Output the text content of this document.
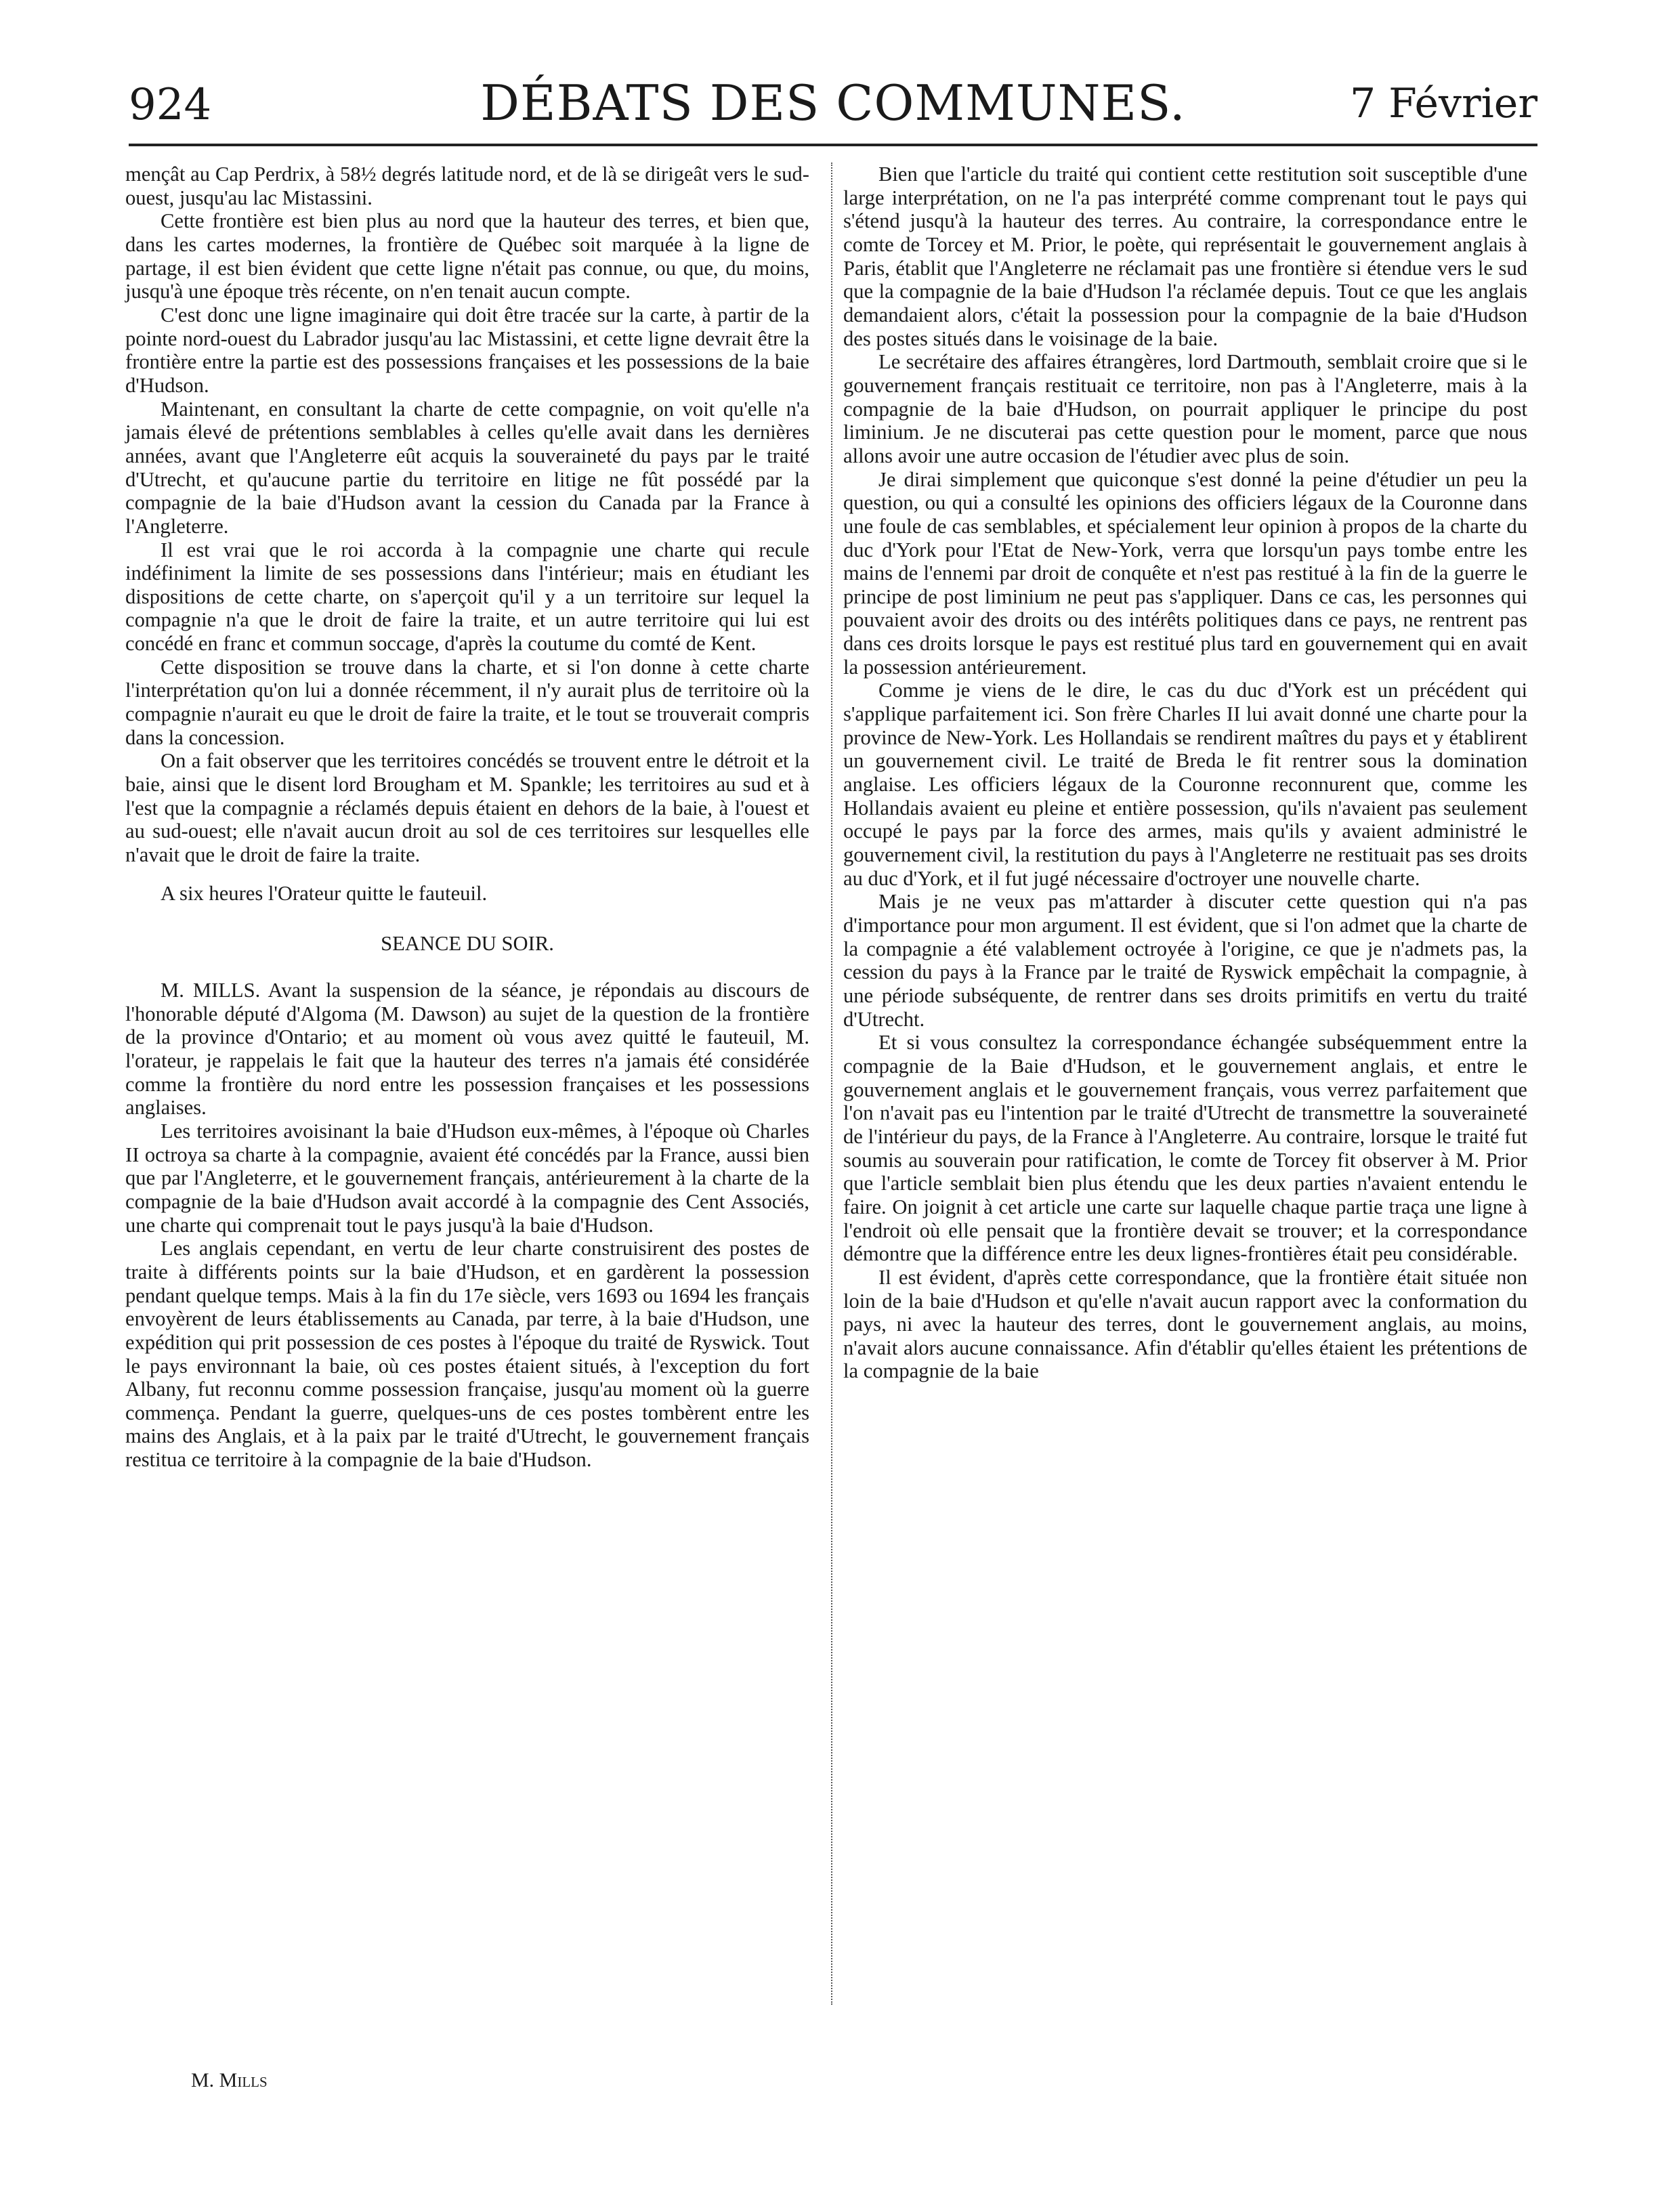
924	DÉBATS DES COMMUNES.	7 Février

mençât au Cap Perdrix, à 58½ degrés latitude nord, et de là se dirigeât vers le sud-ouest, jusqu'au lac Mistassini.

Cette frontière est bien plus au nord que la hauteur des terres, et bien que, dans les cartes modernes, la frontière de Québec soit marquée à la ligne de partage, il est bien évident que cette ligne n'était pas connue, ou que, du moins, jusqu'à une époque très récente, on n'en tenait aucun compte.

C'est donc une ligne imaginaire qui doit être tracée sur la carte, à partir de la pointe nord-ouest du Labrador jusqu'au lac Mistassini, et cette ligne devrait être la frontière entre la partie est des possessions françaises et les possessions de la baie d'Hudson.

Maintenant, en consultant la charte de cette compagnie, on voit qu'elle n'a jamais élevé de prétentions semblables à celles qu'elle avait dans les dernières années, avant que l'Angleterre eût acquis la souveraineté du pays par le traité d'Utrecht, et qu'aucune partie du territoire en litige ne fût possédé par la compagnie de la baie d'Hudson avant la cession du Canada par la France à l'Angleterre.

Il est vrai que le roi accorda à la compagnie une charte qui recule indéfiniment la limite de ses possessions dans l'intérieur; mais en étudiant les dispositions de cette charte, on s'aperçoit qu'il y a un territoire sur lequel la compagnie n'a que le droit de faire la traite, et un autre territoire qui lui est concédé en franc et commun soccage, d'après la coutume du comté de Kent.

Cette disposition se trouve dans la charte, et si l'on donne à cette charte l'interprétation qu'on lui a donnée récemment, il n'y aurait plus de territoire où la compagnie n'aurait eu que le droit de faire la traite, et le tout se trouverait compris dans la concession.

On a fait observer que les territoires concédés se trouvent entre le détroit et la baie, ainsi que le disent lord Brougham et M. Spankle; les territoires au sud et à l'est que la compagnie a réclamés depuis étaient en dehors de la baie, à l'ouest et au sud-ouest; elle n'avait aucun droit au sol de ces territoires sur lesquelles elle n'avait que le droit de faire la traite.

A six heures l'Orateur quitte le fauteuil.

SEANCE DU SOIR.

M. MILLS. Avant la suspension de la séance, je répondais au discours de l'honorable député d'Algoma (M. Dawson) au sujet de la question de la frontière de la province d'Ontario; et au moment où vous avez quitté le fauteuil, M. l'orateur, je rappelais le fait que la hauteur des terres n'a jamais été considérée comme la frontière du nord entre les possession françaises et les possessions anglaises.

Les territoires avoisinant la baie d'Hudson eux-mêmes, à l'époque où Charles II octroya sa charte à la compagnie, avaient été concédés par la France, aussi bien que par l'Angleterre, et le gouvernement français, antérieurement à la charte de la compagnie de la baie d'Hudson avait accordé à la compagnie des Cent Associés, une charte qui comprenait tout le pays jusqu'à la baie d'Hudson.

Les anglais cependant, en vertu de leur charte construisirent des postes de traite à différents points sur la baie d'Hudson, et en gardèrent la possession pendant quelque temps. Mais à la fin du 17e siècle, vers 1693 ou 1694 les français envoyèrent de leurs établissements au Canada, par terre, à la baie d'Hudson, une expédition qui prit possession de ces postes à l'époque du traité de Ryswick. Tout le pays environnant la baie, où ces postes étaient situés, à l'exception du fort Albany, fut reconnu comme possession française, jusqu'au moment où la guerre commença. Pendant la guerre, quelques-uns de ces postes tombèrent entre les mains des Anglais, et à la paix par le traité d'Utrecht, le gouvernement français restitua ce territoire à la compagnie de la baie d'Hudson.

Bien que l'article du traité qui contient cette restitution soit susceptible d'une large interprétation, on ne l'a pas interprété comme comprenant tout le pays qui s'étend jusqu'à la hauteur des terres. Au contraire, la correspondance entre le comte de Torcey et M. Prior, le poète, qui représentait le gouvernement anglais à Paris, établit que l'Angleterre ne réclamait pas une frontière si étendue vers le sud que la compagnie de la baie d'Hudson l'a réclamée depuis. Tout ce que les anglais demandaient alors, c'était la possession pour la compagnie de la baie d'Hudson des postes situés dans le voisinage de la baie.

Le secrétaire des affaires étrangères, lord Dartmouth, semblait croire que si le gouvernement français restituait ce territoire, non pas à l'Angleterre, mais à la compagnie de la baie d'Hudson, on pourrait appliquer le principe du post liminium. Je ne discuterai pas cette question pour le moment, parce que nous allons avoir une autre occasion de l'étudier avec plus de soin.

Je dirai simplement que quiconque s'est donné la peine d'étudier un peu la question, ou qui a consulté les opinions des officiers légaux de la Couronne dans une foule de cas semblables, et spécialement leur opinion à propos de la charte du duc d'York pour l'Etat de New-York, verra que lorsqu'un pays tombe entre les mains de l'ennemi par droit de conquête et n'est pas restitué à la fin de la guerre le principe de post liminium ne peut pas s'appliquer. Dans ce cas, les personnes qui pouvaient avoir des droits ou des intérêts politiques dans ce pays, ne rentrent pas dans ces droits lorsque le pays est restitué plus tard en gouvernement qui en avait la possession antérieurement.

Comme je viens de le dire, le cas du duc d'York est un précédent qui s'applique parfaitement ici. Son frère Charles II lui avait donné une charte pour la province de New-York. Les Hollandais se rendirent maîtres du pays et y établirent un gouvernement civil. Le traité de Breda le fit rentrer sous la domination anglaise. Les officiers légaux de la Couronne reconnurent que, comme les Hollandais avaient eu pleine et entière possession, qu'ils n'avaient pas seulement occupé le pays par la force des armes, mais qu'ils y avaient administré le gouvernement civil, la restitution du pays à l'Angleterre ne restituait pas ses droits au duc d'York, et il fut jugé nécessaire d'octroyer une nouvelle charte.

Mais je ne veux pas m'attarder à discuter cette question qui n'a pas d'importance pour mon argument. Il est évident, que si l'on admet que la charte de la compagnie a été valablement octroyée à l'origine, ce que je n'admets pas, la cession du pays à la France par le traité de Ryswick empêchait la compagnie, à une période subséquente, de rentrer dans ses droits primitifs en vertu du traité d'Utrecht.

Et si vous consultez la correspondance échangée subséquemment entre la compagnie de la Baie d'Hudson, et le gouvernement anglais, et entre le gouvernement anglais et le gouvernement français, vous verrez parfaitement que l'on n'avait pas eu l'intention par le traité d'Utrecht de transmettre la souveraineté de l'intérieur du pays, de la France à l'Angleterre. Au contraire, lorsque le traité fut soumis au souverain pour ratification, le comte de Torcey fit observer à M. Prior que l'article semblait bien plus étendu que les deux parties n'avaient entendu le faire. On joignit à cet article une carte sur laquelle chaque partie traça une ligne à l'endroit où elle pensait que la frontière devait se trouver; et la correspondance démontre que la différence entre les deux lignes-frontières était peu considérable.

Il est évident, d'après cette correspondance, que la frontière était située non loin de la baie d'Hudson et qu'elle n'avait aucun rapport avec la conformation du pays, ni avec la hauteur des terres, dont le gouvernement anglais, au moins, n'avait alors aucune connaissance. Afin d'établir qu'elles étaient les prétentions de la compagnie de la baie

M. Mills
